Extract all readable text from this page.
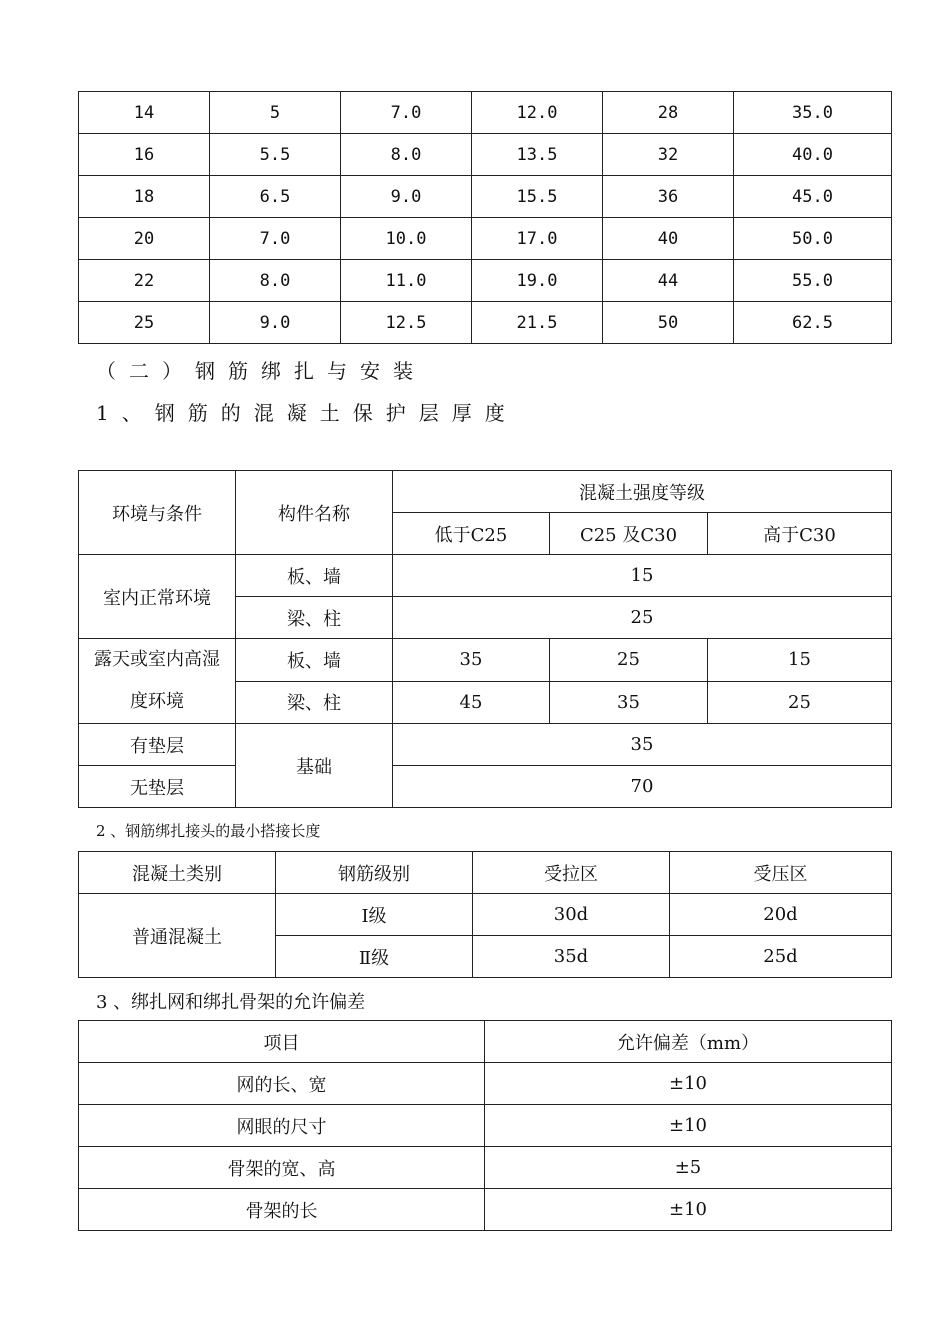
14	5	7.0	12.0	28	35.0
16	5.5	8.0	13.5	32	40.0
18	6.5	9.0	15.5	36	45.0
20	7.0	10.0	17.0	40	50.0
22	8.0	11.0	19.0	44	55.0
25	9.0	12.5	21.5	50	62.5
（二）钢筋绑扎与安装
1、钢筋的混凝土保护层厚度
环境与条件	构件名称	混凝土强度等级		
		低于C25	C25 及C30	高于C30
室内正常环境	板、墙	15		
	梁、柱	25		
露天或室内高湿度环境	板、墙	35	25	15
	梁、柱	45	35	25
有垫层	基础	35		
无垫层		70		
2 、钢筋绑扎接头的最小搭接长度
混凝土类别	钢筋级别	受拉区	受压区
普通混凝土	Ⅰ级	30d	20d
	Ⅱ级	35d	25d
3 、绑扎网和绑扎骨架的允许偏差
项目	允许偏差（mm）
网的长、宽	±10
网眼的尺寸	±10
骨架的宽、高	±5
骨架的长	±10
